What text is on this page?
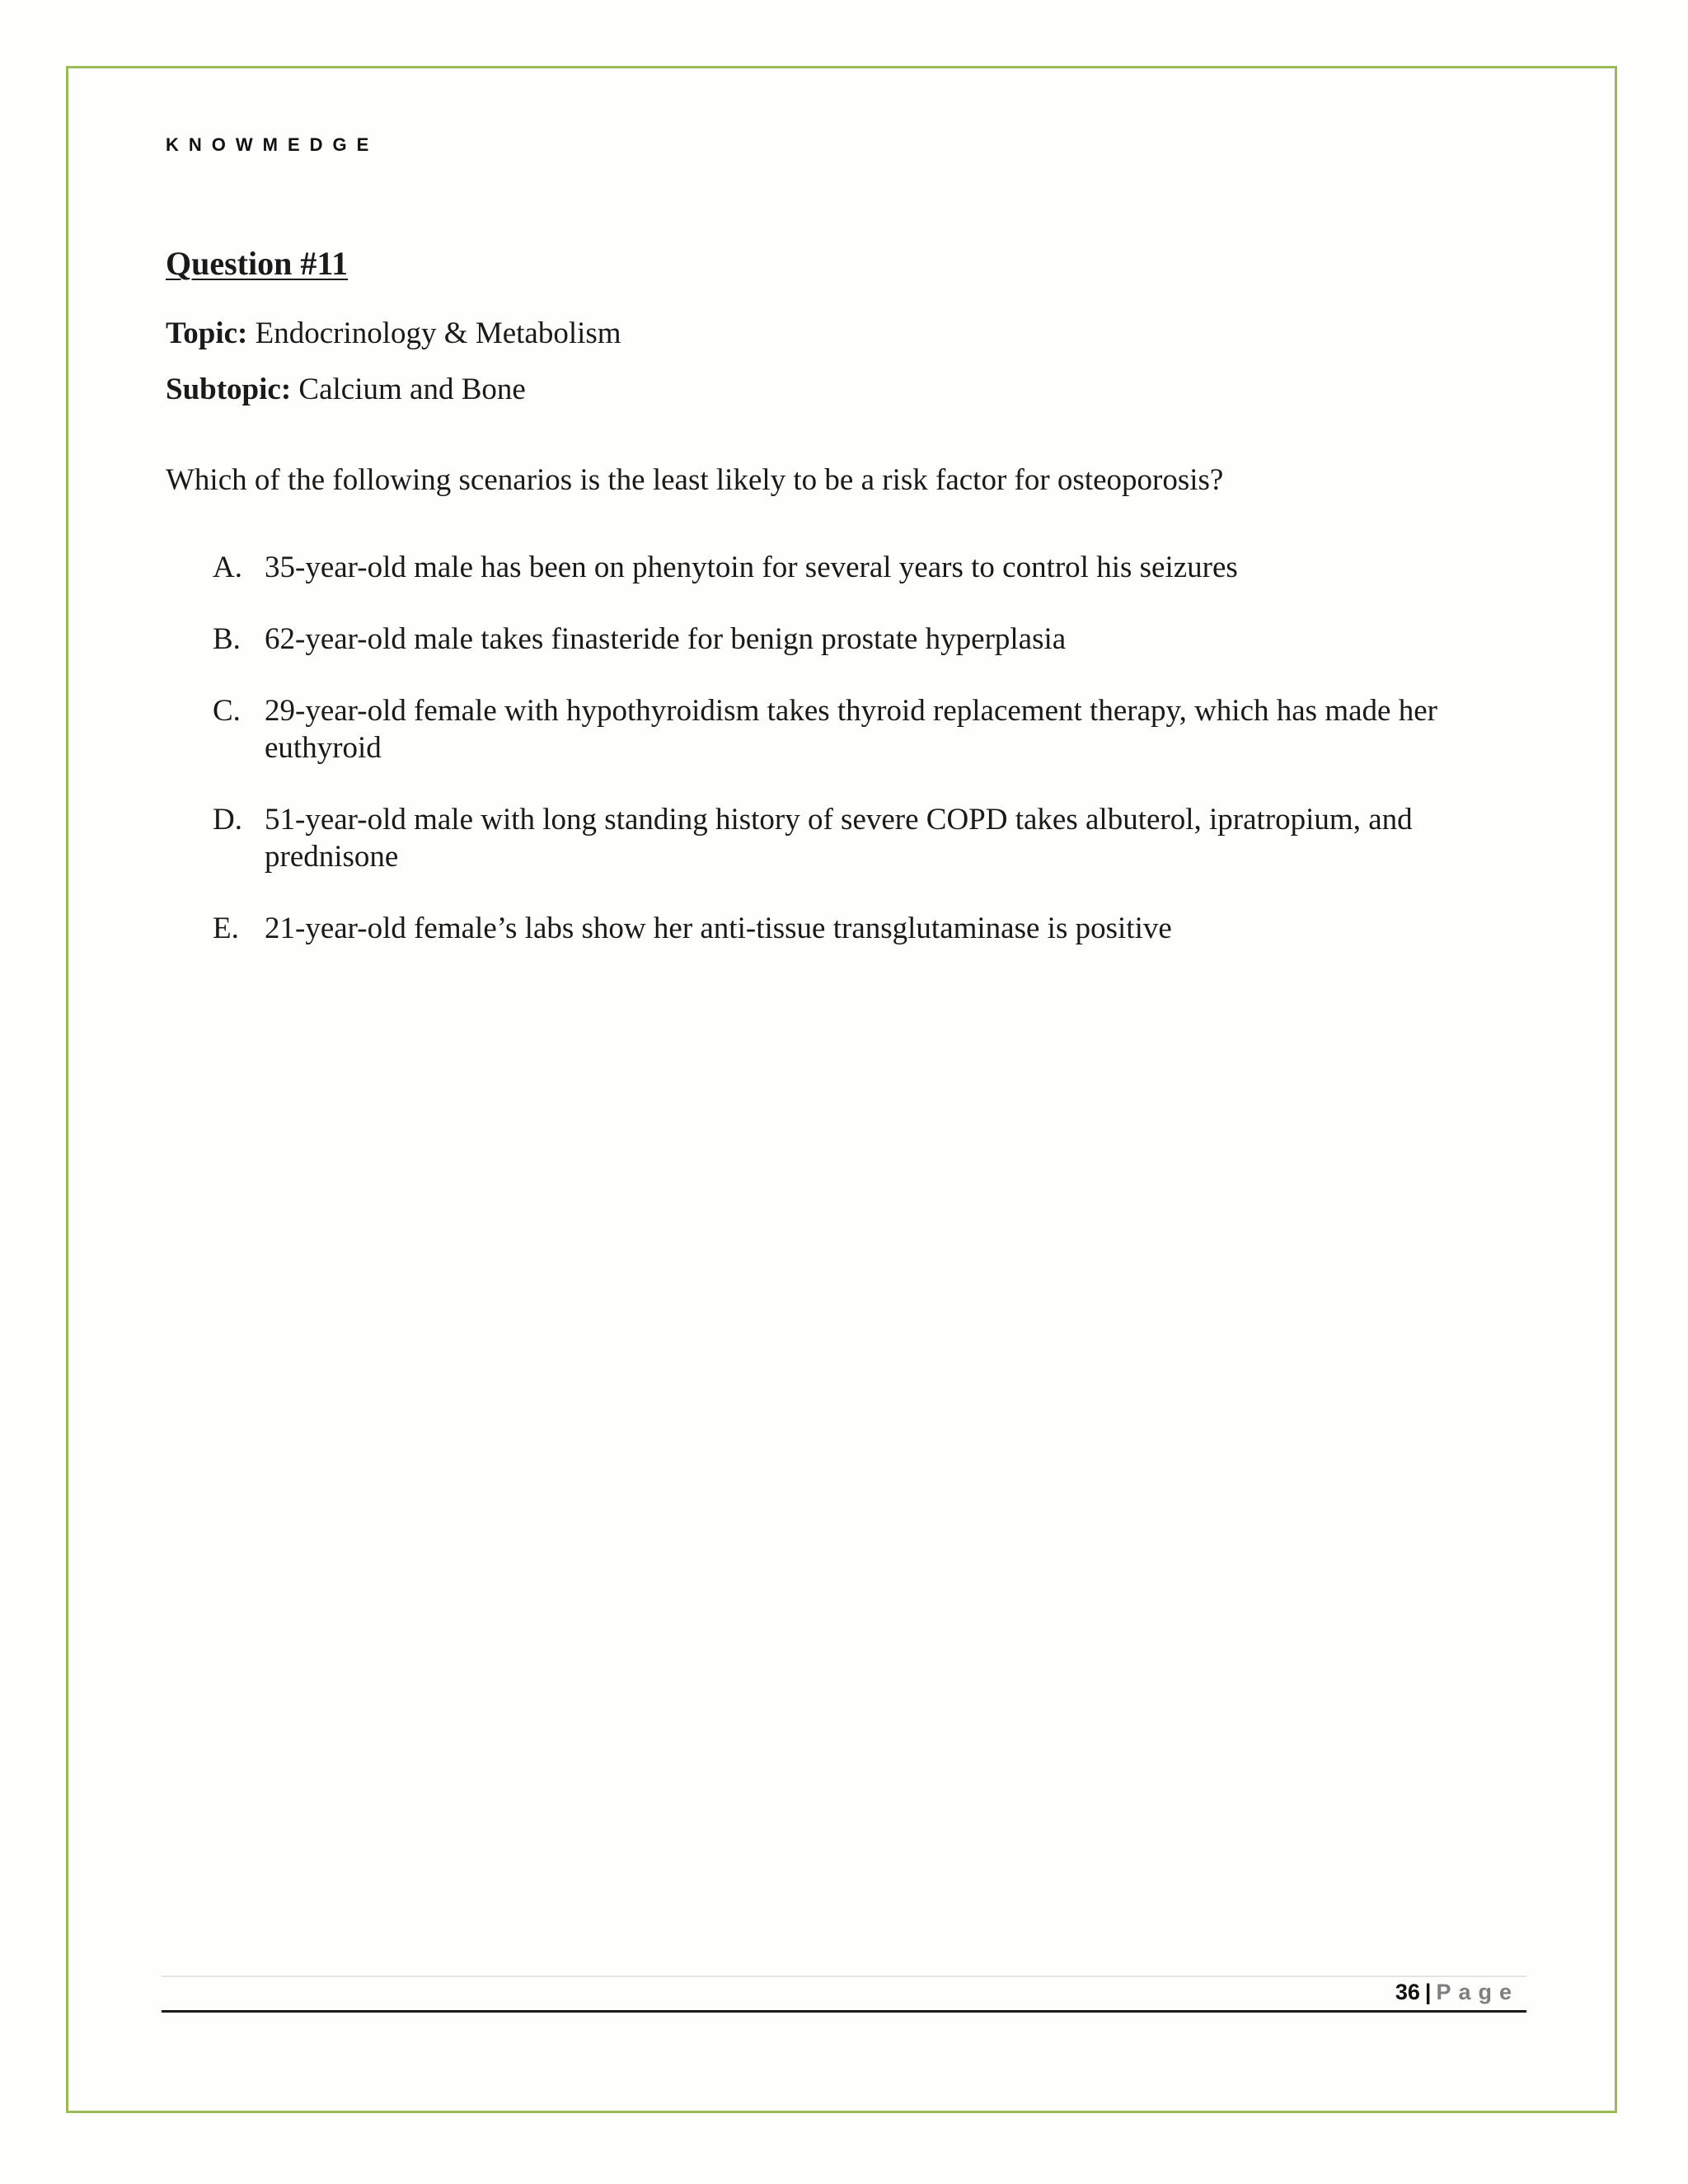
KNOWMEDGE
Question #11
Topic: Endocrinology & Metabolism
Subtopic: Calcium and Bone
Which of the following scenarios is the least likely to be a risk factor for osteoporosis?
A. 35-year-old male has been on phenytoin for several years to control his seizures
B. 62-year-old male takes finasteride for benign prostate hyperplasia
C. 29-year-old female with hypothyroidism takes thyroid replacement therapy, which has made her euthyroid
D. 51-year-old male with long standing history of severe COPD takes albuterol, ipratropium, and prednisone
E. 21-year-old female’s labs show her anti-tissue transglutaminase is positive
36 | Page
